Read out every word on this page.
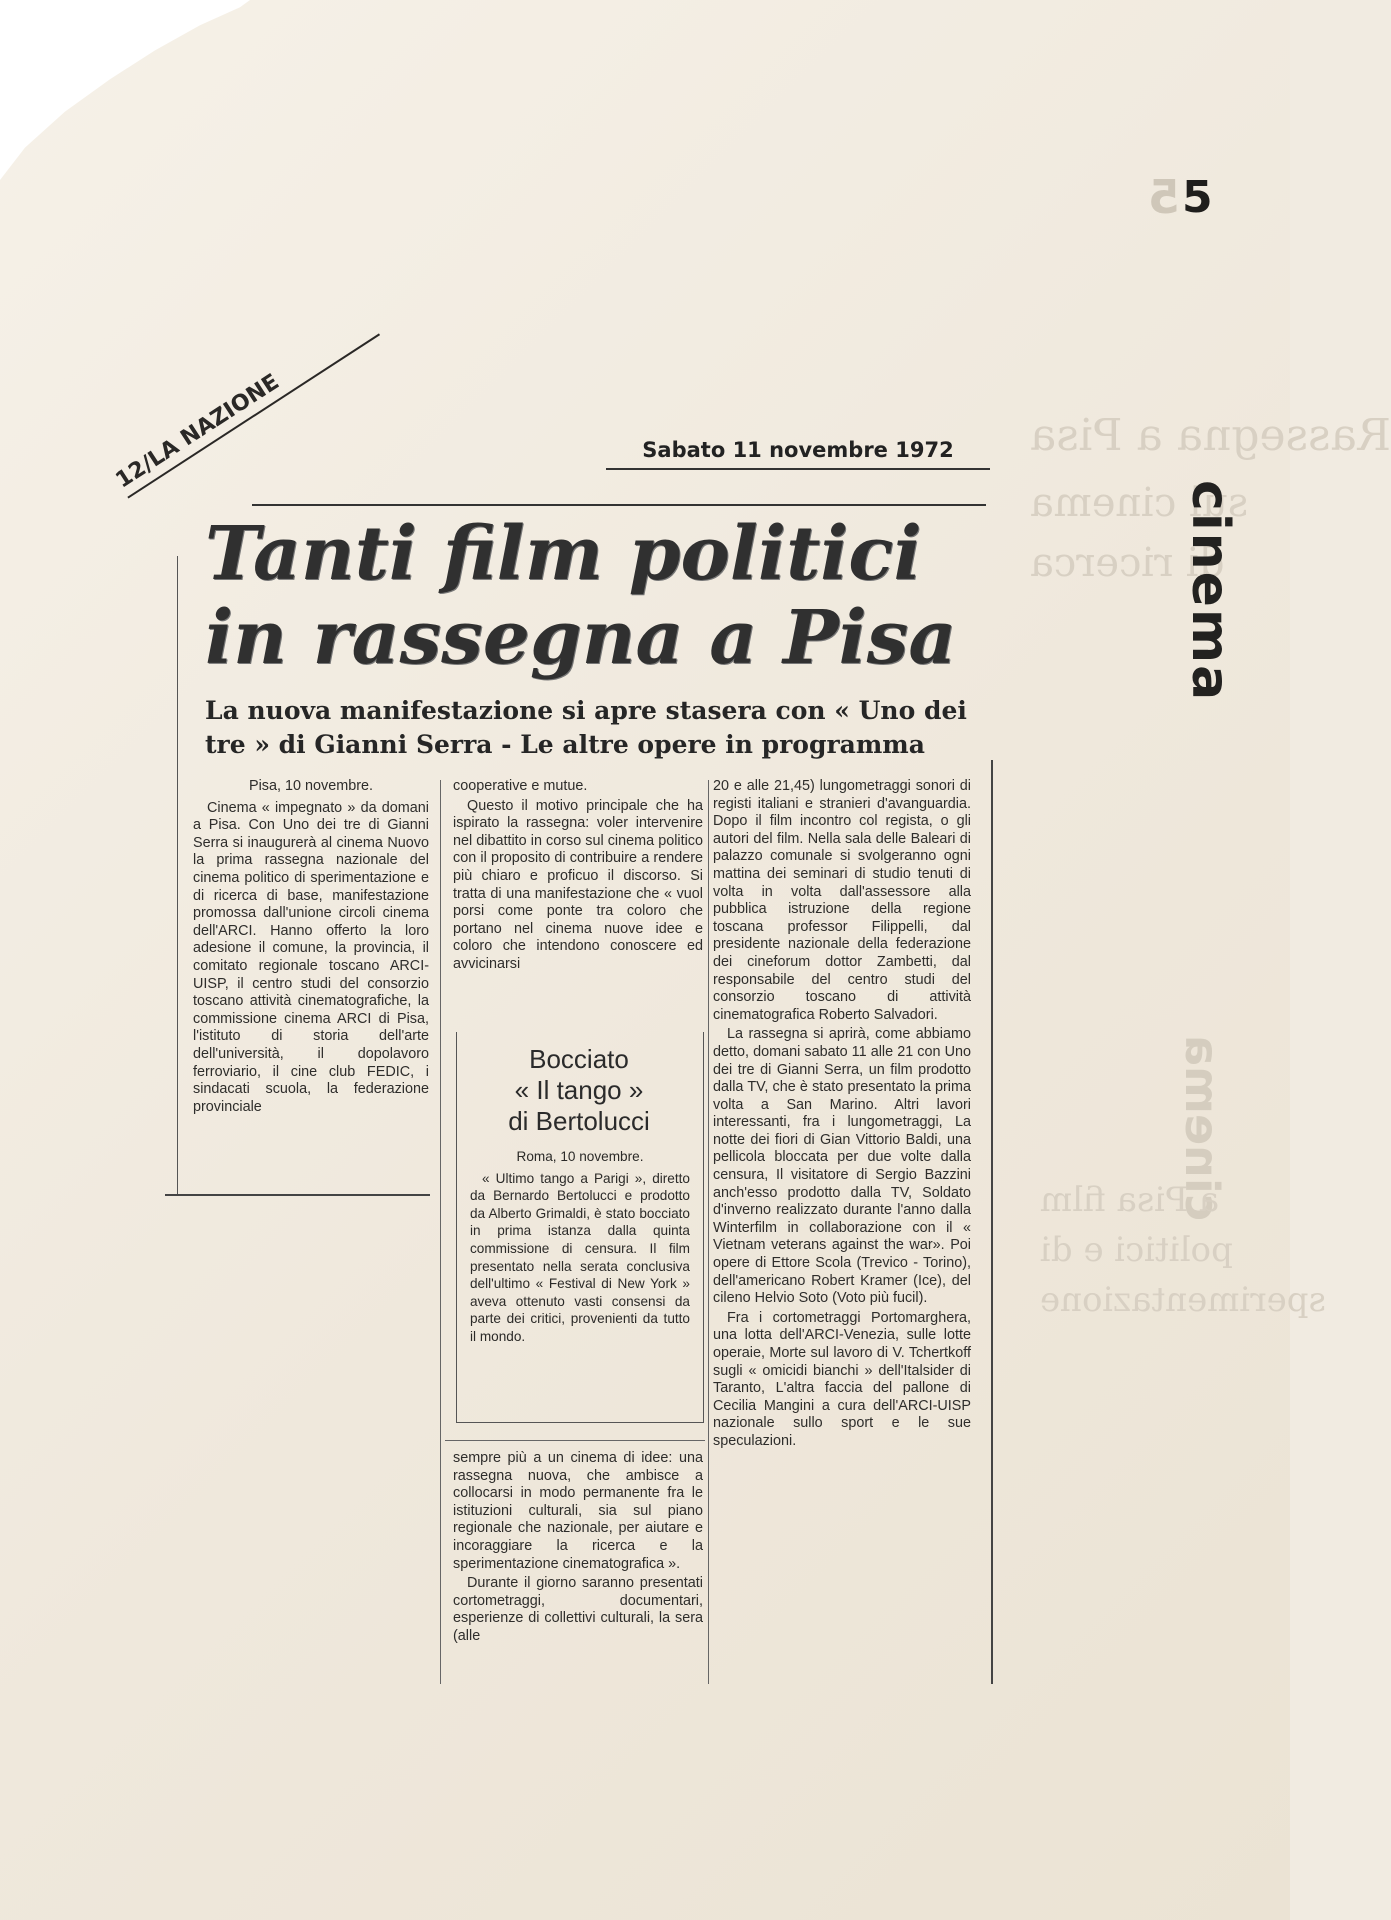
5
cinema
Rassegna a Pisa
sul cinema
di ricerca
a Pisa film
politici e di
sperimentazione
5
cinema
12/LA NAZIONE	Sabato 11 novembre 1972
Tanti film politici
in rassegna a Pisa
La nuova manifestazione si apre stasera con « Uno dei tre » di Gianni Serra - Le altre opere in programma

Pisa, 10 novembre.

Cinema « impegnato » da domani a Pisa. Con Uno dei tre di Gianni Serra si inaugurerà al cinema Nuovo la prima rassegna nazionale del cinema politico di sperimentazione e di ricerca di base, manifestazione promossa dall'unione circoli cinema dell'ARCI. Hanno offerto la loro adesione il comune, la provincia, il comitato regionale toscano ARCI-UISP, il centro studi del consorzio toscano attività cinematografiche, la commissione cinema ARCI di Pisa, l'istituto di storia dell'arte dell'università, il dopolavoro ferroviario, il cine club FEDIC, i sindacati scuola, la federazione provinciale

cooperative e mutue.

Questo il motivo principale che ha ispirato la rassegna: voler intervenire nel dibattito in corso sul cinema politico con il proposito di contribuire a rendere più chiaro e proficuo il discorso. Si tratta di una manifestazione che « vuol porsi come ponte tra coloro che portano nel cinema nuove idee e coloro che intendono conoscere ed avvicinarsi

Bocciato
« Il tango »
di Bertolucci

Roma, 10 novembre.

« Ultimo tango a Parigi », diretto da Bernardo Bertolucci e prodotto da Alberto Grimaldi, è stato bocciato in prima istanza dalla quinta commissione di censura. Il film presentato nella serata conclusiva dell'ultimo « Festival di New York » aveva ottenuto vasti consensi da parte dei critici, provenienti da tutto il mondo.

sempre più a un cinema di idee: una rassegna nuova, che ambisce a collocarsi in modo permanente fra le istituzioni culturali, sia sul piano regionale che nazionale, per aiutare e incoraggiare la ricerca e la sperimentazione cinematografica ».

Durante il giorno saranno presentati cortometraggi, documentari, esperienze di collettivi culturali, la sera (alle

20 e alle 21,45) lungometraggi sonori di registi italiani e stranieri d'avanguardia. Dopo il film incontro col regista, o gli autori del film. Nella sala delle Baleari di palazzo comunale si svolgeranno ogni mattina dei seminari di studio tenuti di volta in volta dall'assessore alla pubblica istruzione della regione toscana professor Filippelli, dal presidente nazionale della federazione dei cineforum dottor Zambetti, dal responsabile del centro studi del consorzio toscano di attività cinematografica Roberto Salvadori.

La rassegna si aprirà, come abbiamo detto, domani sabato 11 alle 21 con Uno dei tre di Gianni Serra, un film prodotto dalla TV, che è stato presentato la prima volta a San Marino. Altri lavori interessanti, fra i lungometraggi, La notte dei fiori di Gian Vittorio Baldi, una pellicola bloccata per due volte dalla censura, Il visitatore di Sergio Bazzini anch'esso prodotto dalla TV, Soldato d'inverno realizzato durante l'anno dalla Winterfilm in collaborazione con il « Vietnam veterans against the war». Poi opere di Ettore Scola (Trevico - Torino), dell'americano Robert Kramer (Ice), del cileno Helvio Soto (Voto più fucil).

Fra i cortometraggi Portomarghera, una lotta dell'ARCI-Venezia, sulle lotte operaie, Morte sul lavoro di V. Tchertkoff sugli « omicidi bianchi » dell'Italsider di Taranto, L'altra faccia del pallone di Cecilia Mangini a cura dell'ARCI-UISP nazionale sullo sport e le sue speculazioni.
